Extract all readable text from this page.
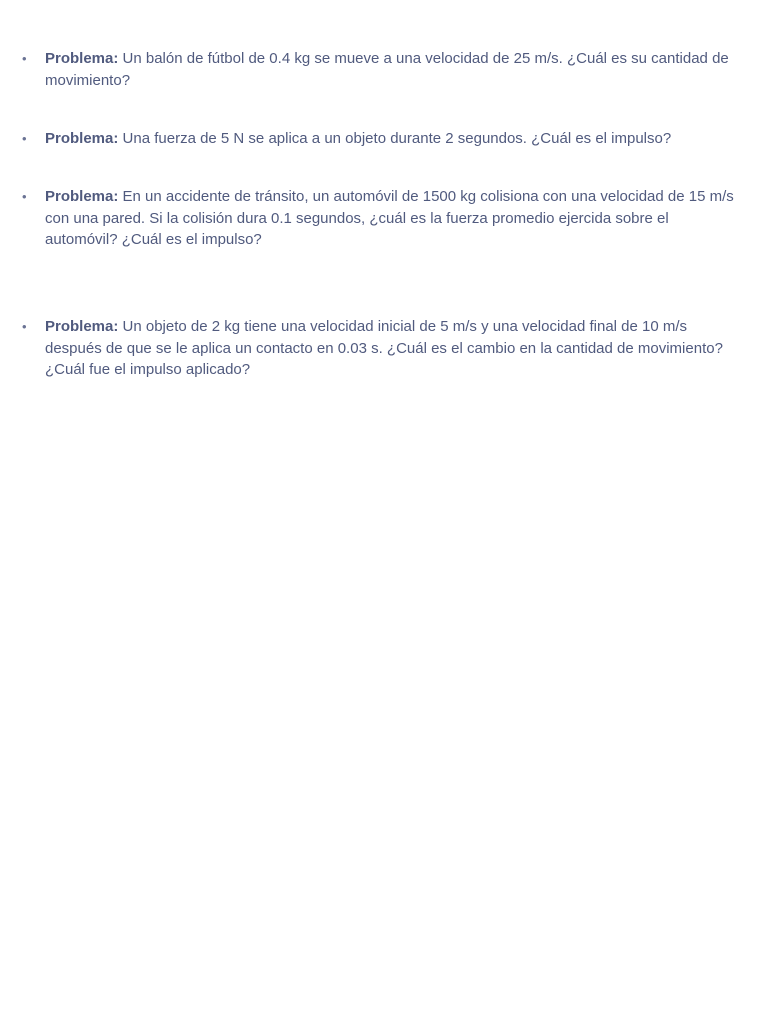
• Problema: Un balón de fútbol de 0.4 kg se mueve a una velocidad de 25 m/s. ¿Cuál es su cantidad de movimiento?
• Problema: Una fuerza de 5 N se aplica a un objeto durante 2 segundos. ¿Cuál es el impulso?
• Problema: En un accidente de tránsito, un automóvil de 1500 kg colisiona con una velocidad de 15 m/s con una pared. Si la colisión dura 0.1 segundos, ¿cuál es la fuerza promedio ejercida sobre el automóvil? ¿Cuál es el impulso?
• Problema: Un objeto de 2 kg tiene una velocidad inicial de 5 m/s y una velocidad final de 10 m/s después de que se le aplica un contacto en 0.03 s. ¿Cuál es el cambio en la cantidad de movimiento? ¿Cuál fue el impulso aplicado?
